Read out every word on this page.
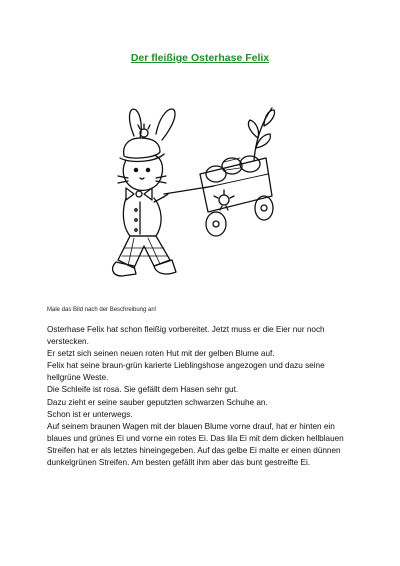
Der fleißige Osterhase Felix
Male das Bild nach der Beschreibung an!

Osterhase Felix hat schon fleißig vorbereitet. Jetzt muss er die Eier nur noch verstecken.

Er setzt sich seinen neuen roten Hut mit der gelben Blume auf.

Felix hat seine braun-grün karierte Lieblingshose angezogen und dazu seine hellgrüne Weste.

Die Schleife ist rosa. Sie gefällt dem Hasen sehr gut.

Dazu zieht er seine sauber geputzten schwarzen Schuhe an.

Schon ist er unterwegs.

Auf seinem braunen Wagen mit der blauen Blume vorne drauf, hat er hinten ein blaues und grünes Ei und vorne ein rotes Ei. Das lila Ei mit dem dicken hellblauen Streifen hat er als letztes hineingegeben. Auf das gelbe Ei malte er einen dünnen dunkelgrünen Streifen. Am besten gefällt ihm aber das bunt gestreifte Ei.
